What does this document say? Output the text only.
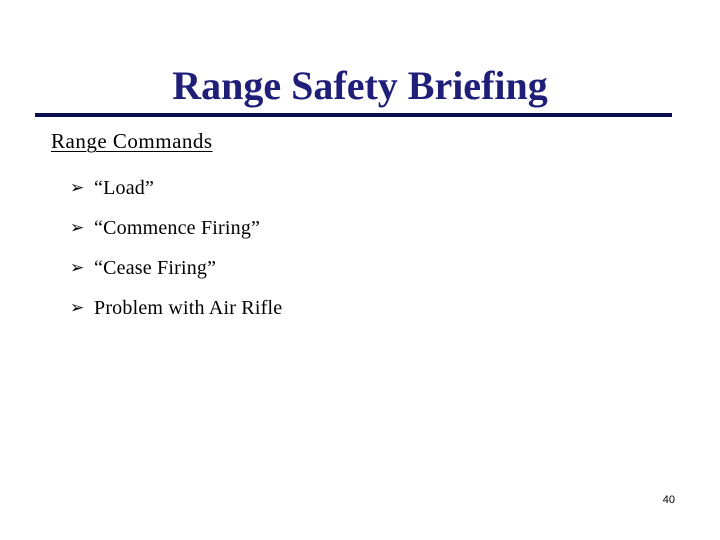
Range Safety Briefing
Range Commands
➢ “Load”
➢ “Commence Firing”
➢ “Cease Firing”
➢ Problem with Air Rifle
40
